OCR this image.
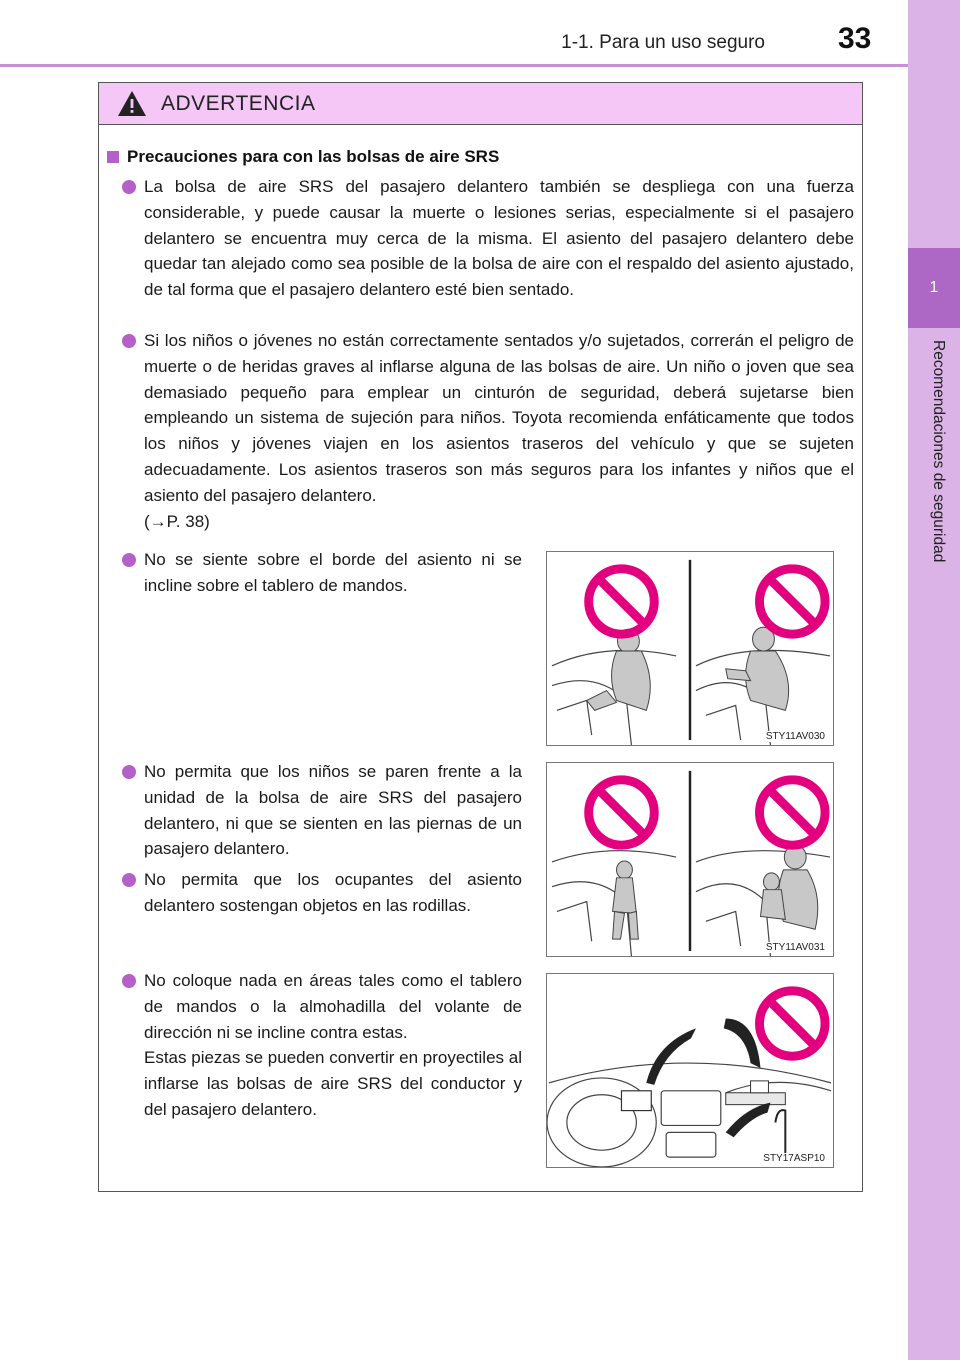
1-1. Para un uso seguro 33
1
Recomendaciones de seguridad
ADVERTENCIA
Precauciones para con las bolsas de aire SRS
La bolsa de aire SRS del pasajero delantero también se despliega con una fuerza considerable, y puede causar la muerte o lesiones serias, especialmente si el pasajero delantero se encuentra muy cerca de la misma. El asiento del pasajero delantero debe quedar tan alejado como sea posible de la bolsa de aire con el respaldo del asiento ajustado, de tal forma que el pasajero delantero esté bien sentado.
Si los niños o jóvenes no están correctamente sentados y/o sujetados, correrán el peligro de muerte o de heridas graves al inflarse alguna de las bolsas de aire. Un niño o joven que sea demasiado pequeño para emplear un cinturón de seguridad, deberá sujetarse bien empleando un sistema de sujeción para niños. Toyota recomienda enfáticamente que todos los niños y jóvenes viajen en los asientos traseros del vehículo y que se sujeten adecuadamente. Los asientos traseros son más seguros para los infantes y niños que el asiento del pasajero delantero.
(→P. 38)
No se siente sobre el borde del asiento ni se incline sobre el tablero de mandos.
No permita que los niños se paren frente a la unidad de la bolsa de aire SRS del pasajero delantero, ni que se sienten en las piernas de un pasajero delantero.
No permita que los ocupantes del asiento delantero sostengan objetos en las rodillas.
No coloque nada en áreas tales como el tablero de mandos o la almohadilla del volante de dirección ni se incline contra estas.
Estas piezas se pueden convertir en proyectiles al inflarse las bolsas de aire SRS del conductor y del pasajero delantero.
STY11AV030
STY11AV031
STY17ASP10
